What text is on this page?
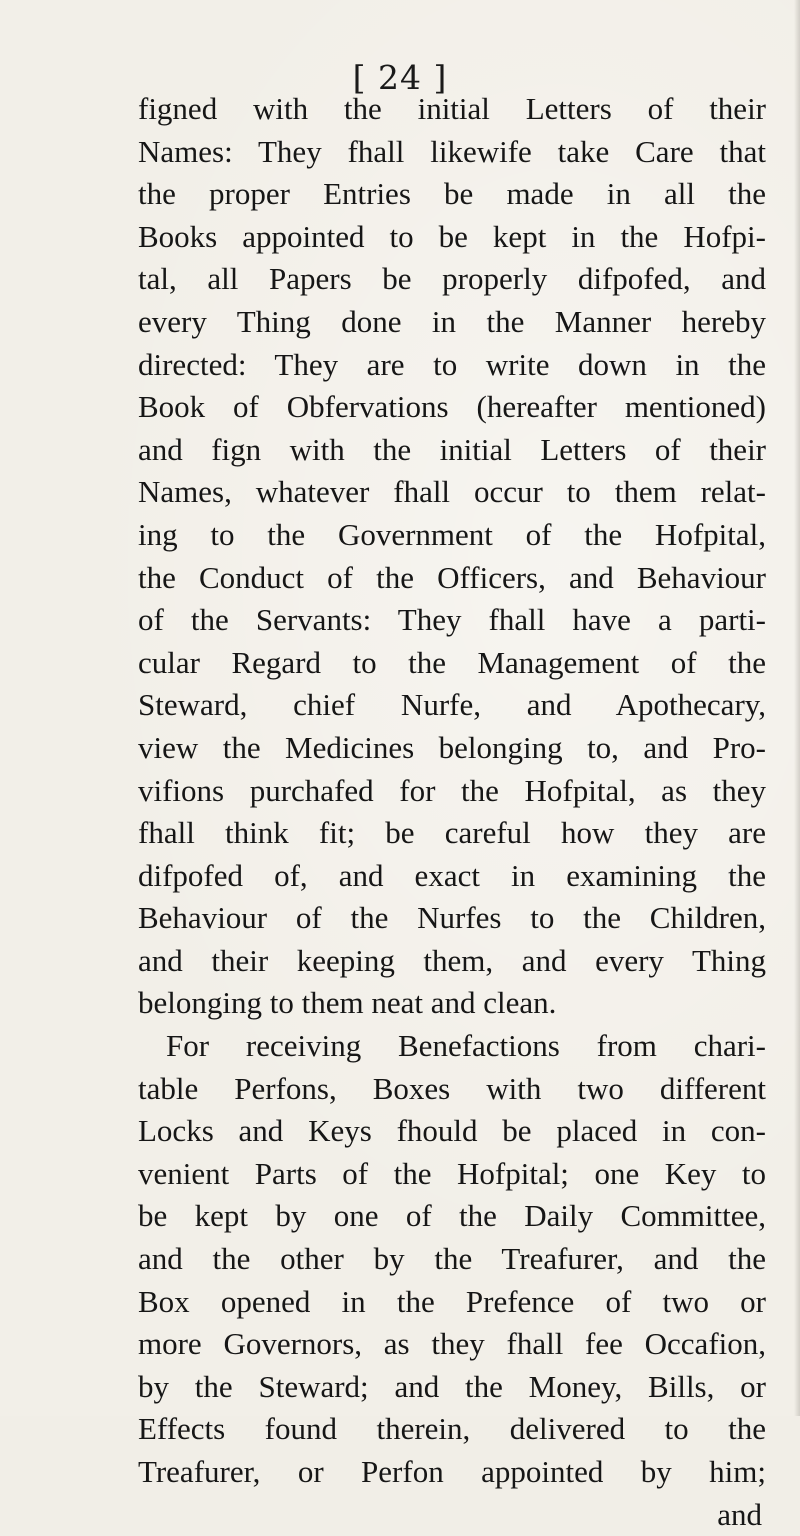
[ 24 ]
figned with the initial Letters of their
Names: They fhall likewife take Care that
the proper Entries be made in all the
Books appointed to be kept in the Hofpi-
tal, all Papers be properly difpofed, and
every Thing done in the Manner hereby
directed: They are to write down in the
Book of Obfervations (hereafter mentioned)
and fign with the initial Letters of their
Names, whatever fhall occur to them relat-
ing to the Government of the Hofpital,
the Conduct of the Officers, and Behaviour
of the Servants: They fhall have a parti-
cular Regard to the Management of the
Steward, chief Nurfe, and Apothecary,
view the Medicines belonging to, and Pro-
vifions purchafed for the Hofpital, as they
fhall think fit; be careful how they are
difpofed of, and exact in examining the
Behaviour of the Nurfes to the Children,
and their keeping them, and every Thing
belonging to them neat and clean.
For receiving Benefactions from chari-
table Perfons, Boxes with two different
Locks and Keys fhould be placed in con-
venient Parts of the Hofpital; one Key to
be kept by one of the Daily Committee,
and the other by the Treafurer, and the
Box opened in the Prefence of two or
more Governors, as they fhall fee Occafion,
by the Steward; and the Money, Bills, or
Effects found therein, delivered to the
Treafurer, or Perfon appointed by him;
and
